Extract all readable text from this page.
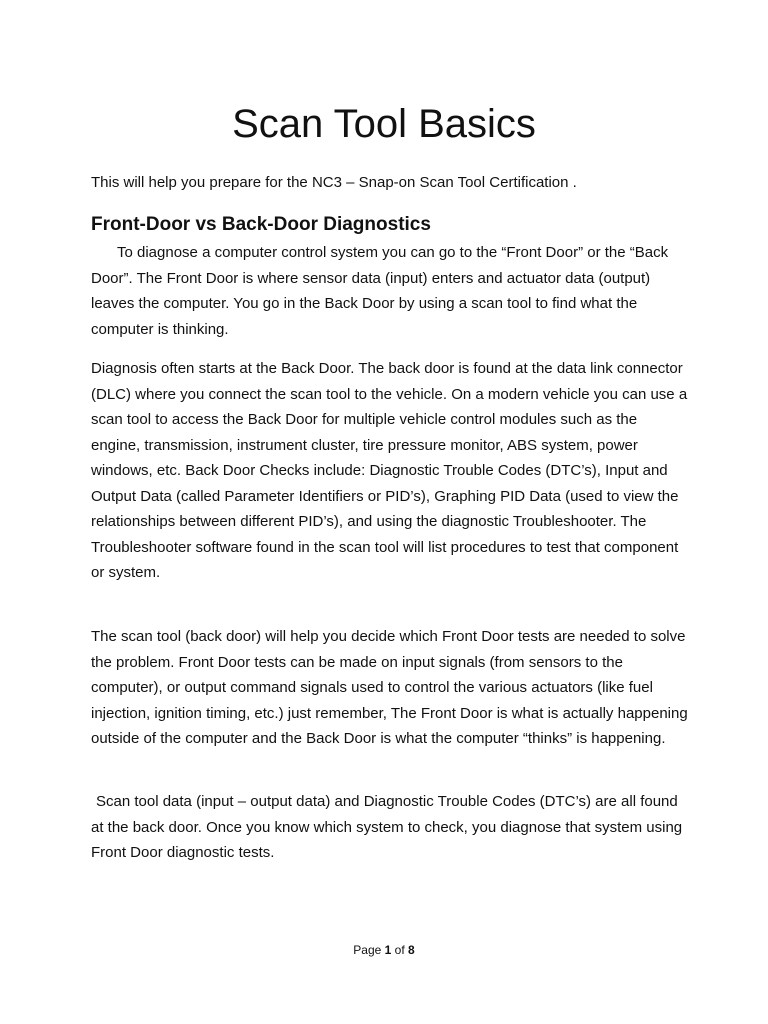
Scan Tool Basics

This will help you prepare for the NC3 – Snap-on Scan Tool Certification .

Front-Door vs Back-Door Diagnostics

To diagnose a computer control system you can go to the “Front Door” or the “Back Door”. The Front Door is where sensor data (input) enters and actuator data (output) leaves the computer. You go in the Back Door by using a scan tool to find what the computer is thinking.

Diagnosis often starts at the Back Door. The back door is found at the data link connector (DLC) where you connect the scan tool to the vehicle. On a modern vehicle you can use a scan tool to access the Back Door for multiple vehicle control modules such as the engine, transmission, instrument cluster, tire pressure monitor, ABS system, power windows, etc. Back Door Checks include: Diagnostic Trouble Codes (DTC’s), Input and Output Data (called Parameter Identifiers or PID’s), Graphing PID Data (used to view the relationships between different PID’s), and using the diagnostic Troubleshooter. The Troubleshooter software found in the scan tool will list procedures to test that component or system.

The scan tool (back door) will help you decide which Front Door tests are needed to solve the problem. Front Door tests can be made on input signals (from sensors to the computer), or output command signals used to control the various actuators (like fuel injection, ignition timing, etc.) just remember, The Front Door is what is actually happening outside of the computer and the Back Door is what the computer “thinks” is happening.

Scan tool data (input – output data) and Diagnostic Trouble Codes (DTC’s) are all found at the back door. Once you know which system to check, you diagnose that system using Front Door diagnostic tests.

Page 1 of 8
